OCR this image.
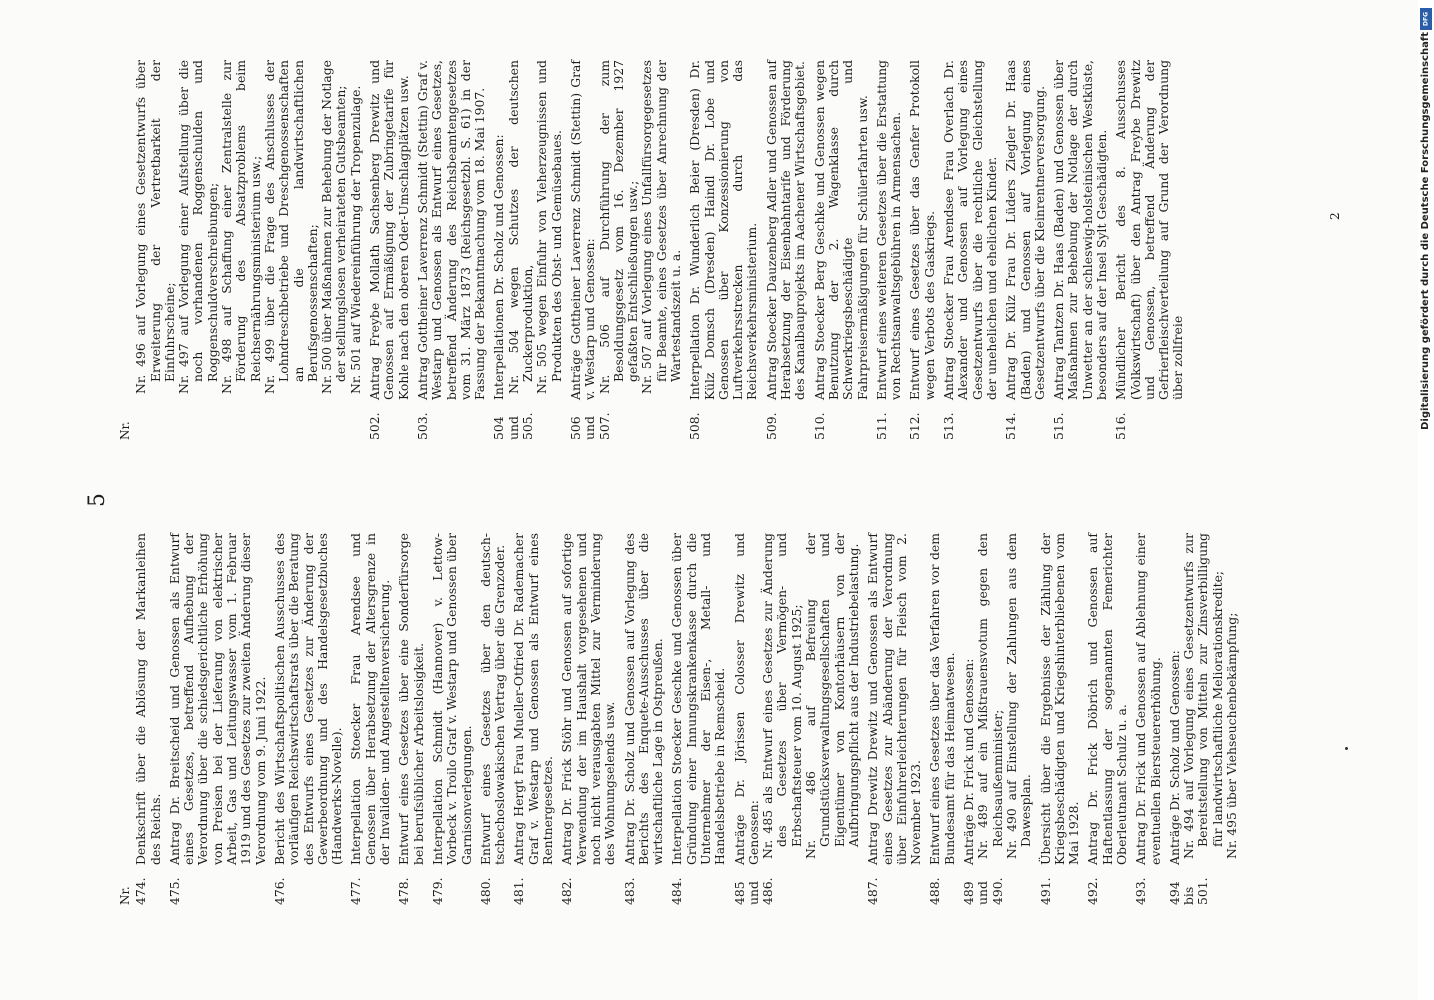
5
Nr. 474.
Denkschrift über die Ablösung der Markanleihen des Reichs.
475.
Antrag Dr. Breitscheid und Genossen als Entwurf eines Gesetzes, betreffend Aufhebung der Verordnung über die schiedsgerichtliche Erhöhung von Preisen bei der Lieferung von elektrischer Arbeit, Gas und Leitungswasser vom 1. Februar 1919 und des Gesetzes zur zweiten Änderung dieser Verordnung vom 9. Juni 1922.
476.
Bericht des Wirtschaftspolitischen Ausschusses des vorläufigen Reichswirtschaftsrats über die Beratung des Entwurfs eines Gesetzes zur Änderung der Gewerbeordnung und des Handelsgesetzbuches (Handwerks-Novelle).
477.
Interpellation Stoecker Frau Arendsee und Genossen über Herabsetzung der Altersgrenze in der Invaliden- und Angestelltenversicherung.
478.
Entwurf eines Gesetzes über eine Sonderfürsorge bei berufsüblicher Arbeitslosigkeit.
479.
Interpellation Schmidt (Hannover) v. Lettow-Vorbeck v. Troilo Graf v. Westarp und Genossen über Garnisonverlegungen.
480.
Entwurf eines Gesetzes über den deutsch-tschechoslowakischen Vertrag über die Grenzoder.
481.
Antrag Hergt Frau Mueller-Otfried Dr. Rademacher Graf v. Westarp und Genossen als Entwurf eines Rentnergesetzes.
482.
Antrag Dr. Frick Stöhr und Genossen auf sofortige Verwendung der im Haushalt vorgesehenen und noch nicht verausgabten Mittel zur Verminderung des Wohnungselends usw.
483.
Antrag Dr. Scholz und Genossen auf Vorlegung des Berichts des Enquete-Ausschusses über die wirtschaftliche Lage in Ostpreußen.
484.
Interpellation Stoecker Geschke und Genossen über Gründung einer Innungskrankenkasse durch die Unternehmer der Eisen-, Metall- und Handelsbetriebe in Remscheid.
485 und 486.
Anträge Dr. Jörissen Colosser Drewitz und Genossen: Nr. 485 als Entwurf eines Gesetzes zur Änderung des Gesetzes über Vermögen- und Erbschaftsteuer vom 10. August 1925; Nr. 486 auf Befreiung der Grundstücksverwaltungsgesellschaften und Eigentümer von Kontorhäusern von der Aufbringungspflicht aus der Industriebelastung.
487.
Antrag Drewitz Drewitz und Genossen als Entwurf eines Gesetzes zur Abänderung der Verordnung über Einfuhrerleichterungen für Fleisch vom 2. November 1923.
488.
Entwurf eines Gesetzes über das Verfahren vor dem Bundesamt für das Heimatwesen.
489 und 490.
Anträge Dr. Frick und Genossen: Nr. 489 auf ein Mißtrauensvotum gegen den Reichsaußenminister; Nr. 490 auf Einstellung der Zahlungen aus dem Dawesplan.
491.
Übersicht über die Ergebnisse der Zählung der Kriegsbeschädigten und Kriegshinterbliebenen vom Mai 1928.
492.
Antrag Dr. Frick Döbrich und Genossen auf Haftentlassung der sogenannten Femerichter Oberleutnant Schulz u. a.
493.
Antrag Dr. Frick und Genossen auf Ablehnung einer eventuellen Biersteuererhöhung.
494 bis 501.
Anträge Dr. Scholz und Genossen: Nr. 494 auf Vorlegung eines Gesetzentwurfs zur Bereitstellung von Mitteln zur Zinsverbilligung für landwirtschaftliche Meliorationskredite; Nr. 495 über Viehseuchenbekämpfung;
Nr.
Nr. 496 auf Vorlegung eines Gesetzentwurfs über Erweiterung der Vertretbarkeit der Einfuhrscheine; Nr. 497 auf Vorlegung einer Aufstellung über die noch vorhandenen Roggenschulden und Roggenschuldverschreibungen; Nr. 498 auf Schaffung einer Zentralstelle zur Förderung des Absatzproblems beim Reichsernährungsministerium usw.; Nr. 499 über die Frage des Anschlusses der Lohndreschbetriebe und Dreschgenossenschaften an die landwirtschaftlichen Berufsgenossenschaften; Nr. 500 über Maßnahmen zur Behebung der Notlage der stellungslosen verheirateten Gutsbeamten; Nr. 501 auf Wiedereinführung der Tropenzulage.
502.
Antrag Freybe Mollath Sachsenberg Drewitz und Genossen auf Ermäßigung der Zubringetarife für Kohle nach den oberen Oder-Umschlagplätzen usw.
503.
Antrag Gottheiner Laverrenz Schmidt (Stettin) Graf v. Westarp und Genossen als Entwurf eines Gesetzes, betreffend Änderung des Reichsbeamtengesetzes vom 31. März 1873 (Reichsgesetzbl. S. 61) in der Fassung der Bekanntmachung vom 18. Mai 1907.
504 und 505.
Interpellationen Dr. Scholz und Genossen: Nr. 504 wegen Schutzes der deutschen Zuckerproduktion, Nr. 505 wegen Einfuhr von Vieherzeugnissen und Produkten des Obst- und Gemüsebaues.
506 und 507.
Anträge Gottheiner Laverrenz Schmidt (Stettin) Graf v. Westarp und Genossen: Nr. 506 auf Durchführung der zum Besoldungsgesetz vom 16. Dezember 1927 gefaßten Entschließungen usw.; Nr. 507 auf Vorlegung eines Unfallfürsorgegesetzes für Beamte, eines Gesetzes über Anrechnung der Wartestandszeit u. a.
508.
Interpellation Dr. Wunderlich Beier (Dresden) Dr. Külz Domsch (Dresden) Haindl Dr. Lobe und Genossen über Konzessionierung von Luftverkehrsstrecken durch das Reichsverkehrsministerium.
509.
Antrag Stoecker Dauzenberg Adler und Genossen auf Herabsetzung der Eisenbahntarife und Förderung des Kanalbauprojekts im Aachener Wirtschaftsgebiet.
510.
Antrag Stoecker Berg Geschke und Genossen wegen Benutzung der 2. Wagenklasse durch Schwerkriegsbeschädigte und Fahrpreisermäßigungen für Schülerfahrten usw.
511.
Entwurf eines weiteren Gesetzes über die Erstattung von Rechtsanwaltsgebühren in Armensachen.
512.
Entwurf eines Gesetzes über das Genfer Protokoll wegen Verbots des Gaskriegs.
513.
Antrag Stoecker Frau Arendsee Frau Overlach Dr. Alexander und Genossen auf Vorlegung eines Gesetzentwurfs über die rechtliche Gleichstellung der unehelichen und ehelichen Kinder.
514.
Antrag Dr. Külz Frau Dr. Lüders Ziegler Dr. Haas (Baden) und Genossen auf Vorlegung eines Gesetzentwurfs über die Kleinrentnerversorgung.
515.
Antrag Tantzen Dr. Haas (Baden) und Genossen über Maßnahmen zur Behebung der Notlage der durch Unwetter an der schleswig-holsteinischen Westküste, besonders auf der Insel Sylt Geschädigten.
516.
Mündlicher Bericht des 8. Ausschusses (Volkswirtschaft) über den Antrag Freybe Drewitz und Genossen, betreffend Änderung der Gefrierfleischverteilung auf Grund der Verordnung über zollfreie
2	Digitalisierung gefördert durch die Deutsche Forschungsgemeinschaft
DFG
